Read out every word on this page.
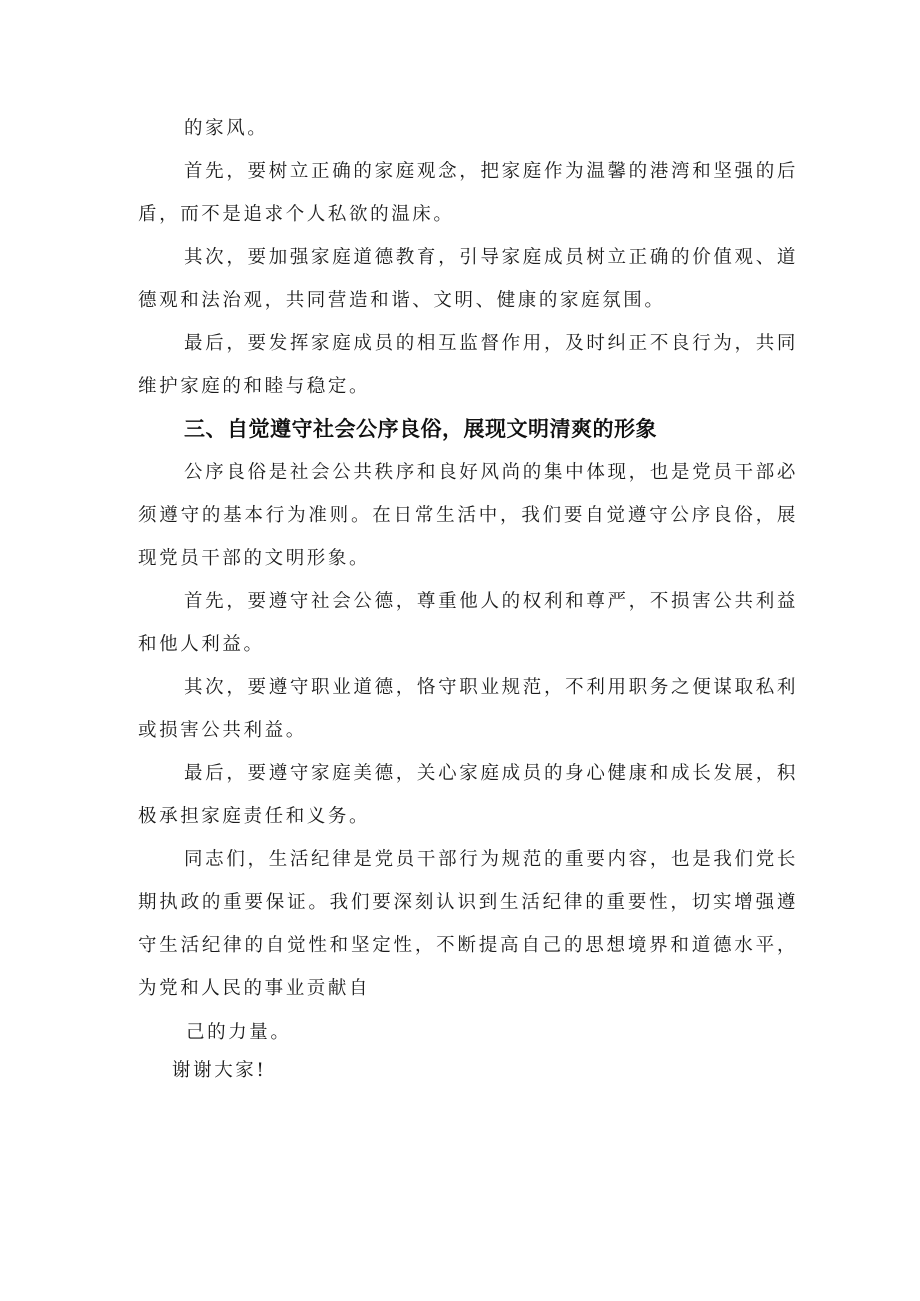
的家风。

首先，要树立正确的家庭观念，把家庭作为温馨的港湾和坚强的后盾，而不是追求个人私欲的温床。

其次，要加强家庭道德教育，引导家庭成员树立正确的价值观、道德观和法治观，共同营造和谐、文明、健康的家庭氛围。

最后，要发挥家庭成员的相互监督作用，及时纠正不良行为，共同维护家庭的和睦与稳定。

三、自觉遵守社会公序良俗，展现文明清爽的形象

公序良俗是社会公共秩序和良好风尚的集中体现，也是党员干部必须遵守的基本行为准则。在日常生活中，我们要自觉遵守公序良俗，展现党员干部的文明形象。

首先，要遵守社会公德，尊重他人的权利和尊严，不损害公共利益和他人利益。

其次，要遵守职业道德，恪守职业规范，不利用职务之便谋取私利或损害公共利益。

最后，要遵守家庭美德，关心家庭成员的身心健康和成长发展，积极承担家庭责任和义务。

同志们，生活纪律是党员干部行为规范的重要内容，也是我们党长期执政的重要保证。我们要深刻认识到生活纪律的重要性，切实增强遵守生活纪律的自觉性和坚定性，不断提高自己的思想境界和道德水平，为党和人民的事业贡献自

己的力量。

谢谢大家!
